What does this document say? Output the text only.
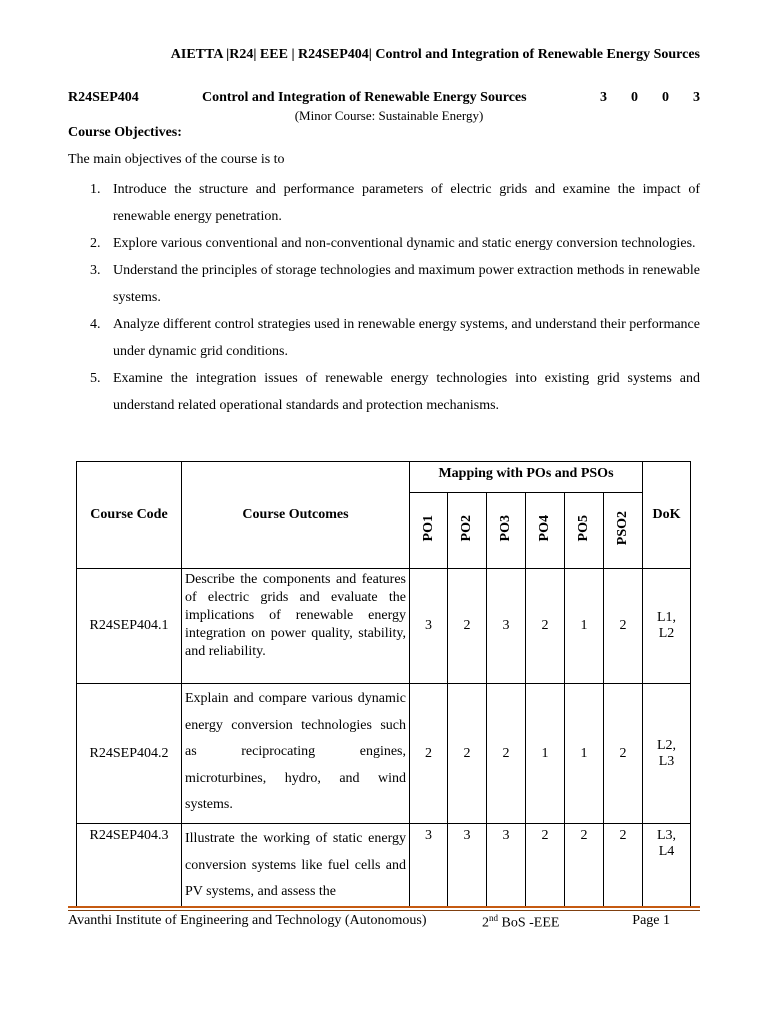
AIETTA |R24| EEE | R24SEP404| Control and Integration of Renewable Energy Sources
R24SEP404	Control and Integration of Renewable Energy Sources	3	0	0	3
(Minor Course: Sustainable Energy)
Course Objectives:
The main objectives of the course is to
1. Introduce the structure and performance parameters of electric grids and examine the impact of renewable energy penetration.
2. Explore various conventional and non-conventional dynamic and static energy conversion technologies.
3. Understand the principles of storage technologies and maximum power extraction methods in renewable systems.
4. Analyze different control strategies used in renewable energy systems, and understand their performance under dynamic grid conditions.
5. Examine the integration issues of renewable energy technologies into existing grid systems and understand related operational standards and protection mechanisms.
Course Code	Course Outcomes	Mapping with POs and PSOs						DoK
		PO1	PO2	PO3	PO4	PO5	PSO2	
R24SEP404.1	Describe the components and features of electric grids and evaluate the implications of renewable energy integration on power quality, stability, and reliability.	3	2	3	2	1	2	L1,
L2
R24SEP404.2	Explain and compare various dynamic energy conversion technologies such as reciprocating engines, microturbines, hydro, and wind systems.	2	2	2	1	1	2	L2,
L3
R24SEP404.3	Illustrate the working of static energy conversion systems like fuel cells and PV systems, and assess the	3	3	3	2	2	2	L3,
L4
Avanthi Institute of Engineering and Technology (Autonomous)	2nd BoS -EEE	Page 1
